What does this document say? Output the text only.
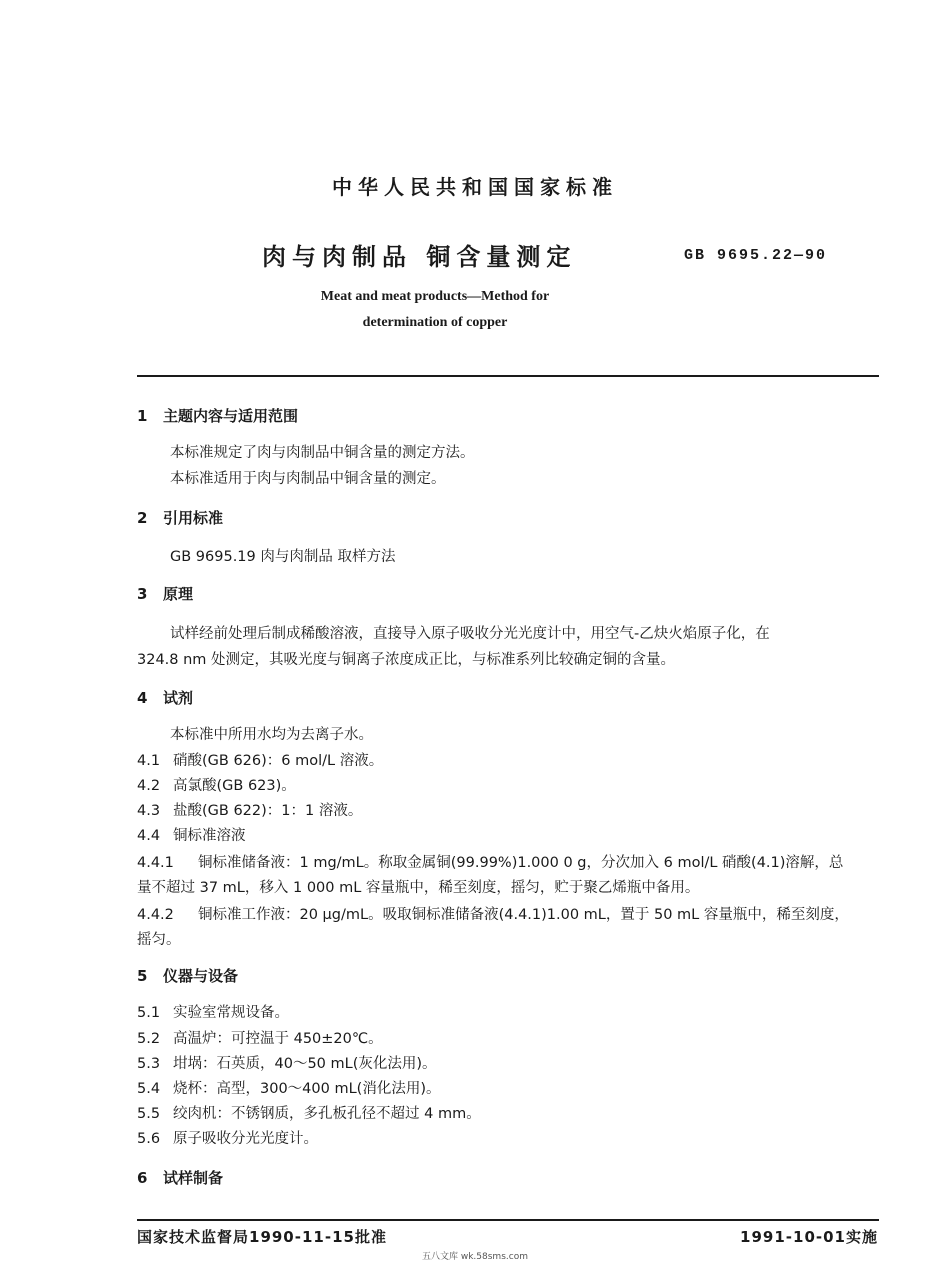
中华人民共和国国家标准
肉与肉制品 铜含量测定	GB 9695.22—90
Meat and meat products—Method for
determination of copper
1 主题内容与适用范围
本标准规定了肉与肉制品中铜含量的测定方法。
本标准适用于肉与肉制品中铜含量的测定。
2 引用标准
GB 9695.19 肉与肉制品 取样方法
3 原理
试样经前处理后制成稀酸溶液，直接导入原子吸收分光光度计中，用空气-乙炔火焰原子化，在
324.8 nm 处测定，其吸光度与铜离子浓度成正比，与标准系列比较确定铜的含量。
4 试剂
本标准中所用水均为去离子水。
4.1 硝酸(GB 626)：6 mol/L 溶液。
4.2 高氯酸(GB 623)。
4.3 盐酸(GB 622)：1：1 溶液。
4.4 铜标准溶液
4.4.1 铜标准储备液：1 mg/mL。称取金属铜(99.99%)1.000 0 g，分次加入 6 mol/L 硝酸(4.1)溶解，总
量不超过 37 mL，移入 1 000 mL 容量瓶中，稀至刻度，摇匀，贮于聚乙烯瓶中备用。
4.4.2 铜标准工作液：20 μg/mL。吸取铜标准储备液(4.4.1)1.00 mL，置于 50 mL 容量瓶中，稀至刻度，
摇匀。
5 仪器与设备
5.1 实验室常规设备。
5.2 高温炉：可控温于 450±20℃。
5.3 坩埚：石英质，40～50 mL(灰化法用)。
5.4 烧杯：高型，300～400 mL(消化法用)。
5.5 绞肉机：不锈钢质，多孔板孔径不超过 4 mm。
5.6 原子吸收分光光度计。
6 试样制备
国家技术监督局1990-11-15批准	1991-10-01实施
五八文库 wk.58sms.com
